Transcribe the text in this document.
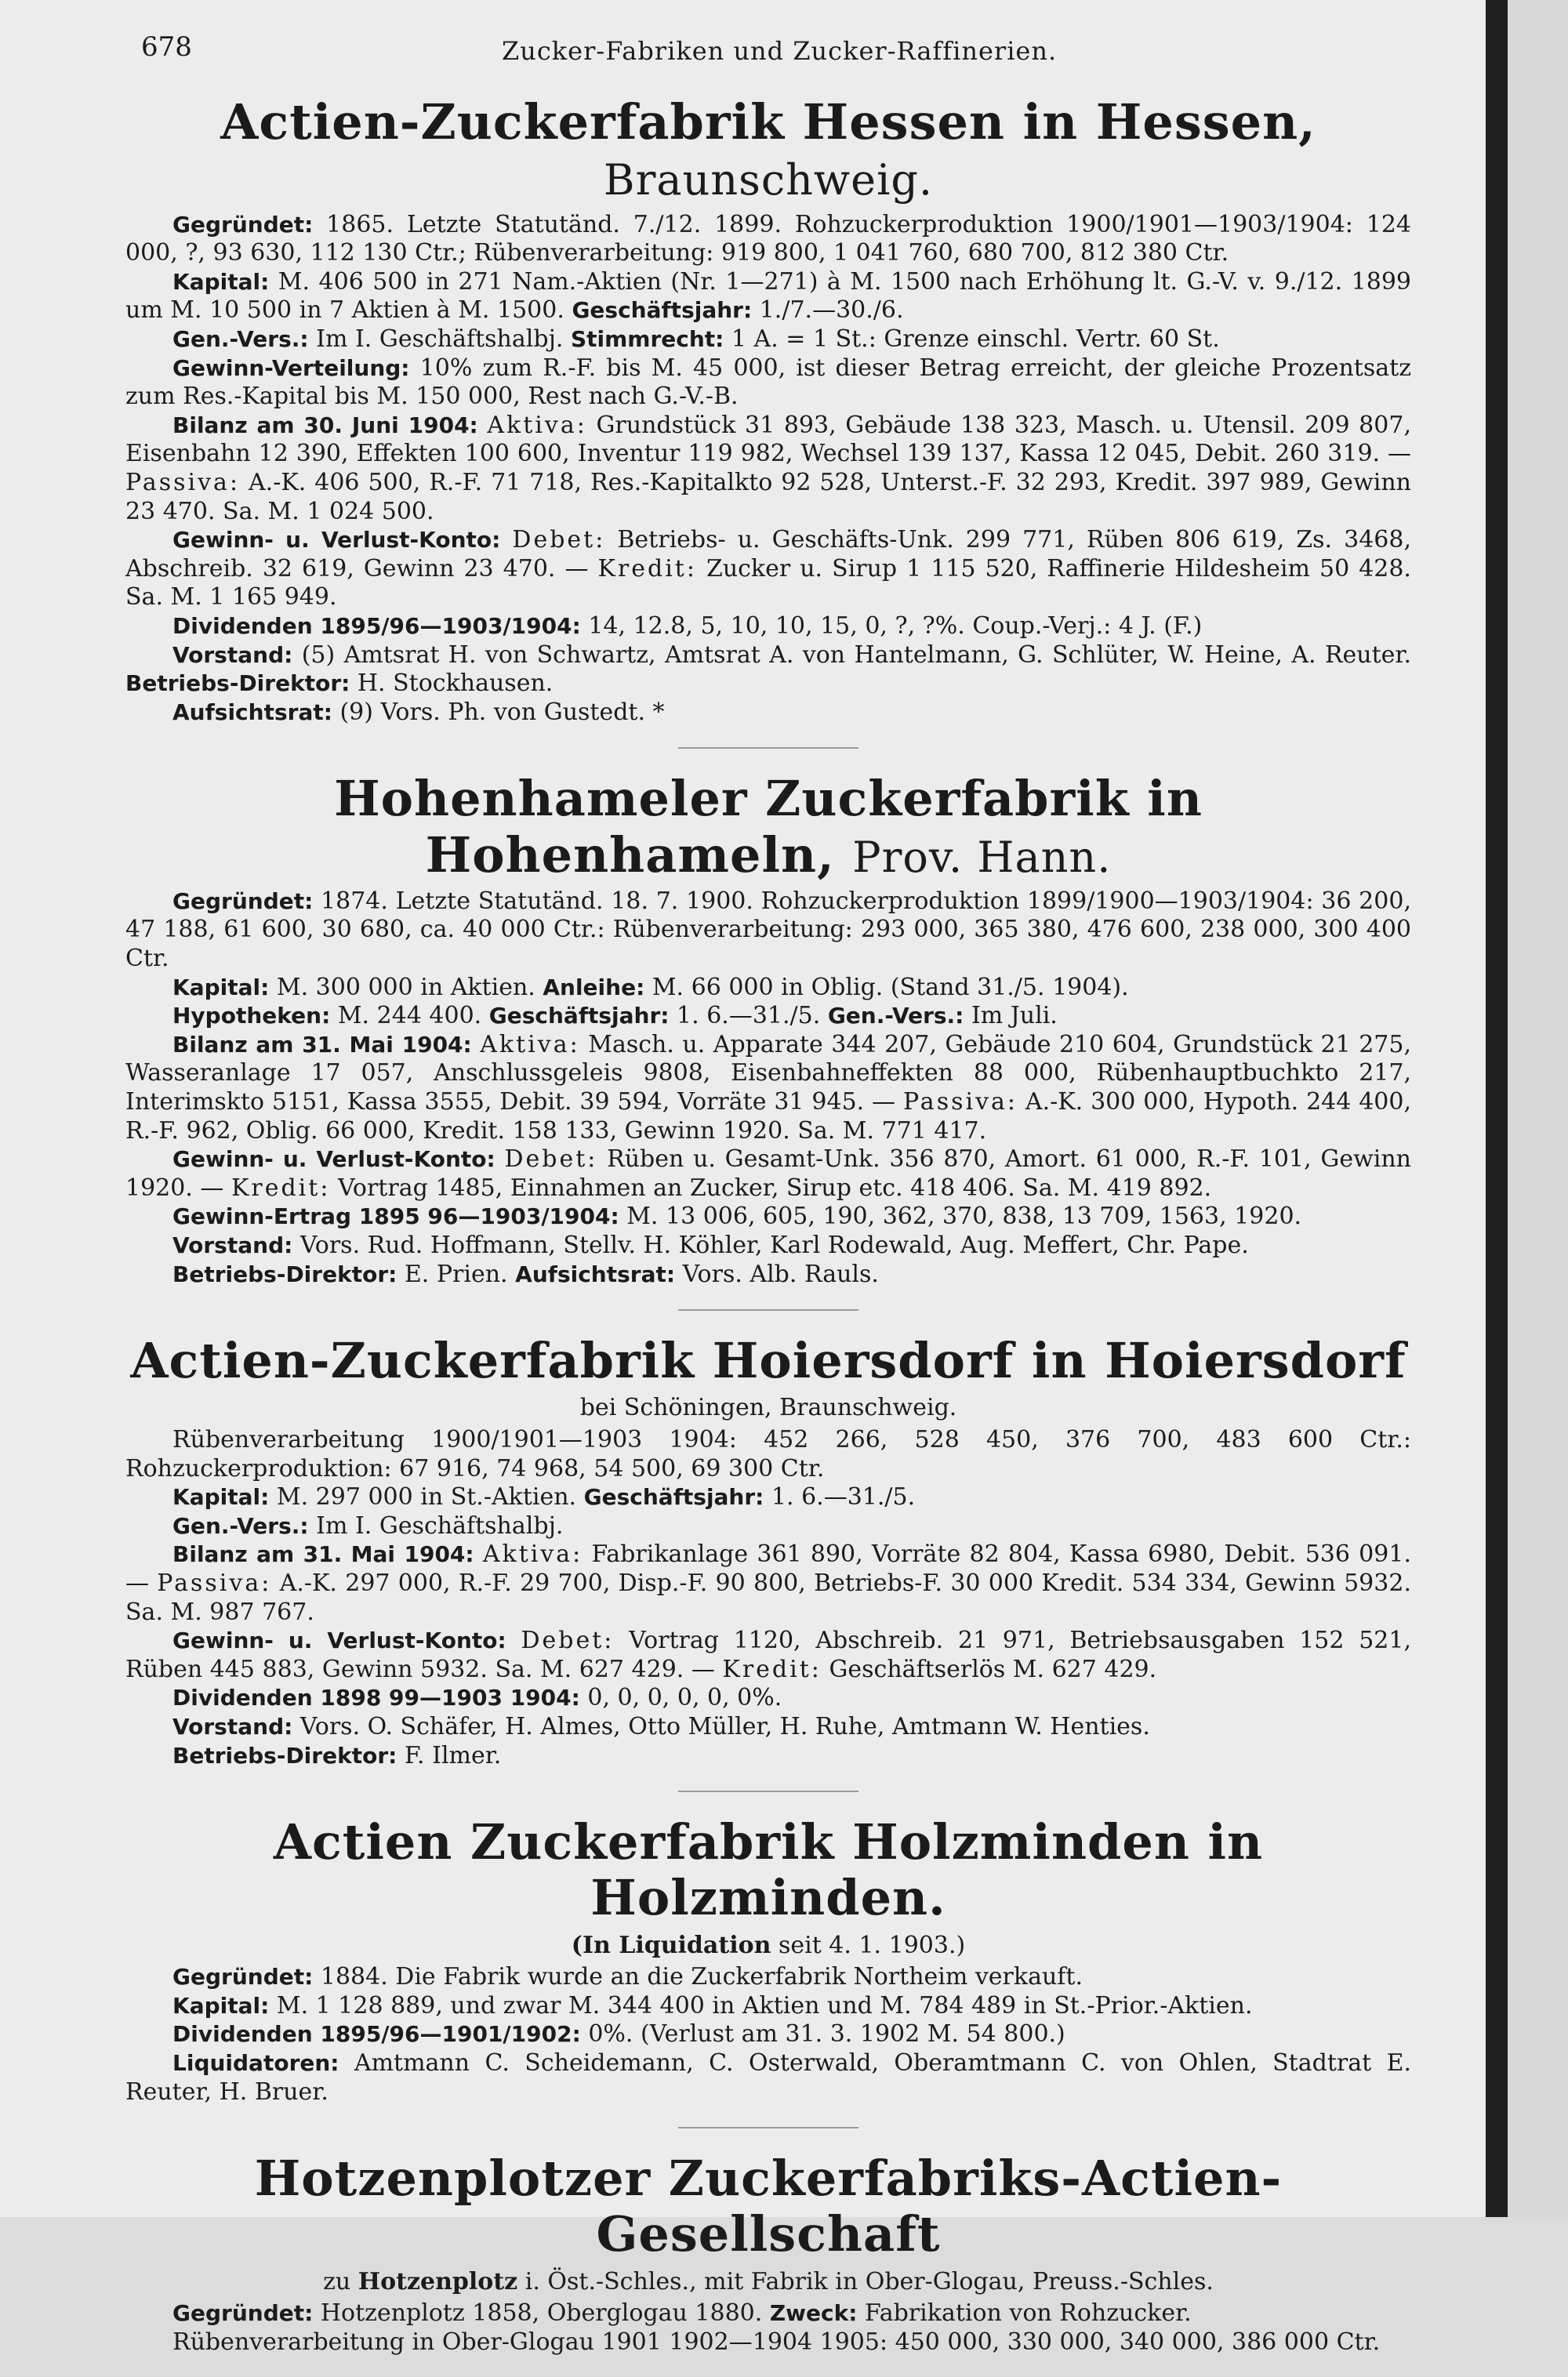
678	Zucker-Fabriken und Zucker-Raffinerien.
Actien-Zuckerfabrik Hessen in Hessen, Braunschweig.

Gegründet: 1865. Letzte Statutänd. 7./12. 1899. Rohzuckerproduktion 1900/1901—1903/1904: 124 000, ?, 93 630, 112 130 Ctr.; Rübenverarbeitung: 919 800, 1 041 760, 680 700, 812 380 Ctr.

Kapital: M. 406 500 in 271 Nam.-Aktien (Nr. 1—271) à M. 1500 nach Erhöhung lt. G.-V. v. 9./12. 1899 um M. 10 500 in 7 Aktien à M. 1500. Geschäftsjahr: 1./7.—30./6.

Gen.-Vers.: Im I. Geschäftshalbj. Stimmrecht: 1 A. = 1 St.: Grenze einschl. Vertr. 60 St.

Gewinn-Verteilung: 10% zum R.-F. bis M. 45 000, ist dieser Betrag erreicht, der gleiche Prozentsatz zum Res.-Kapital bis M. 150 000, Rest nach G.-V.-B.

Bilanz am 30. Juni 1904: Aktiva: Grundstück 31 893, Gebäude 138 323, Masch. u. Utensil. 209 807, Eisenbahn 12 390, Effekten 100 600, Inventur 119 982, Wechsel 139 137, Kassa 12 045, Debit. 260 319. — Passiva: A.-K. 406 500, R.-F. 71 718, Res.-Kapitalkto 92 528, Unterst.-F. 32 293, Kredit. 397 989, Gewinn 23 470. Sa. M. 1 024 500.

Gewinn- u. Verlust-Konto: Debet: Betriebs- u. Geschäfts-Unk. 299 771, Rüben 806 619, Zs. 3468, Abschreib. 32 619, Gewinn 23 470. — Kredit: Zucker u. Sirup 1 115 520, Raffinerie Hildesheim 50 428. Sa. M. 1 165 949.

Dividenden 1895/96—1903/1904: 14, 12.8, 5, 10, 10, 15, 0, ?, ?%. Coup.-Verj.: 4 J. (F.)

Vorstand: (5) Amtsrat H. von Schwartz, Amtsrat A. von Hantelmann, G. Schlüter, W. Heine, A. Reuter. Betriebs-Direktor: H. Stockhausen.

Aufsichtsrat: (9) Vors. Ph. von Gustedt. *

Hohenhameler Zuckerfabrik in Hohenhameln, Prov. Hann.

Gegründet: 1874. Letzte Statutänd. 18. 7. 1900. Rohzuckerproduktion 1899/1900—1903/1904: 36 200, 47 188, 61 600, 30 680, ca. 40 000 Ctr.: Rübenverarbeitung: 293 000, 365 380, 476 600, 238 000, 300 400 Ctr.

Kapital: M. 300 000 in Aktien. Anleihe: M. 66 000 in Oblig. (Stand 31./5. 1904).

Hypotheken: M. 244 400. Geschäftsjahr: 1. 6.—31./5. Gen.-Vers.: Im Juli.

Bilanz am 31. Mai 1904: Aktiva: Masch. u. Apparate 344 207, Gebäude 210 604, Grundstück 21 275, Wasseranlage 17 057, Anschlussgeleis 9808, Eisenbahneffekten 88 000, Rübenhauptbuchkto 217, Interimskto 5151, Kassa 3555, Debit. 39 594, Vorräte 31 945. — Passiva: A.-K. 300 000, Hypoth. 244 400, R.-F. 962, Oblig. 66 000, Kredit. 158 133, Gewinn 1920. Sa. M. 771 417.

Gewinn- u. Verlust-Konto: Debet: Rüben u. Gesamt-Unk. 356 870, Amort. 61 000, R.-F. 101, Gewinn 1920. — Kredit: Vortrag 1485, Einnahmen an Zucker, Sirup etc. 418 406. Sa. M. 419 892.

Gewinn-Ertrag 1895 96—1903/1904: M. 13 006, 605, 190, 362, 370, 838, 13 709, 1563, 1920.

Vorstand: Vors. Rud. Hoffmann, Stellv. H. Köhler, Karl Rodewald, Aug. Meffert, Chr. Pape.

Betriebs-Direktor: E. Prien. Aufsichtsrat: Vors. Alb. Rauls.

Actien-Zuckerfabrik Hoiersdorf in Hoiersdorf
bei Schöningen, Braunschweig.

Rübenverarbeitung 1900/1901—1903 1904: 452 266, 528 450, 376 700, 483 600 Ctr.: Rohzuckerproduktion: 67 916, 74 968, 54 500, 69 300 Ctr.

Kapital: M. 297 000 in St.-Aktien. Geschäftsjahr: 1. 6.—31./5.

Gen.-Vers.: Im I. Geschäftshalbj.

Bilanz am 31. Mai 1904: Aktiva: Fabrikanlage 361 890, Vorräte 82 804, Kassa 6980, Debit. 536 091. — Passiva: A.-K. 297 000, R.-F. 29 700, Disp.-F. 90 800, Betriebs-F. 30 000 Kredit. 534 334, Gewinn 5932. Sa. M. 987 767.

Gewinn- u. Verlust-Konto: Debet: Vortrag 1120, Abschreib. 21 971, Betriebsausgaben 152 521, Rüben 445 883, Gewinn 5932. Sa. M. 627 429. — Kredit: Geschäftserlös M. 627 429.

Dividenden 1898 99—1903 1904: 0, 0, 0, 0, 0, 0%.

Vorstand: Vors. O. Schäfer, H. Almes, Otto Müller, H. Ruhe, Amtmann W. Henties.

Betriebs-Direktor: F. Ilmer.

Actien Zuckerfabrik Holzminden in Holzminden.
(In Liquidation seit 4. 1. 1903.)

Gegründet: 1884. Die Fabrik wurde an die Zuckerfabrik Northeim verkauft.

Kapital: M. 1 128 889, und zwar M. 344 400 in Aktien und M. 784 489 in St.-Prior.-Aktien.

Dividenden 1895/96—1901/1902: 0%. (Verlust am 31. 3. 1902 M. 54 800.)

Liquidatoren: Amtmann C. Scheidemann, C. Osterwald, Oberamtmann C. von Ohlen, Stadtrat E. Reuter, H. Bruer.

Hotzenplotzer Zuckerfabriks-Actien-Gesellschaft
zu Hotzenplotz i. Öst.-Schles., mit Fabrik in Ober-Glogau, Preuss.-Schles.

Gegründet: Hotzenplotz 1858, Oberglogau 1880. Zweck: Fabrikation von Rohzucker.

Rübenverarbeitung in Ober-Glogau 1901 1902—1904 1905: 450 000, 330 000, 340 000, 386 000 Ctr.
